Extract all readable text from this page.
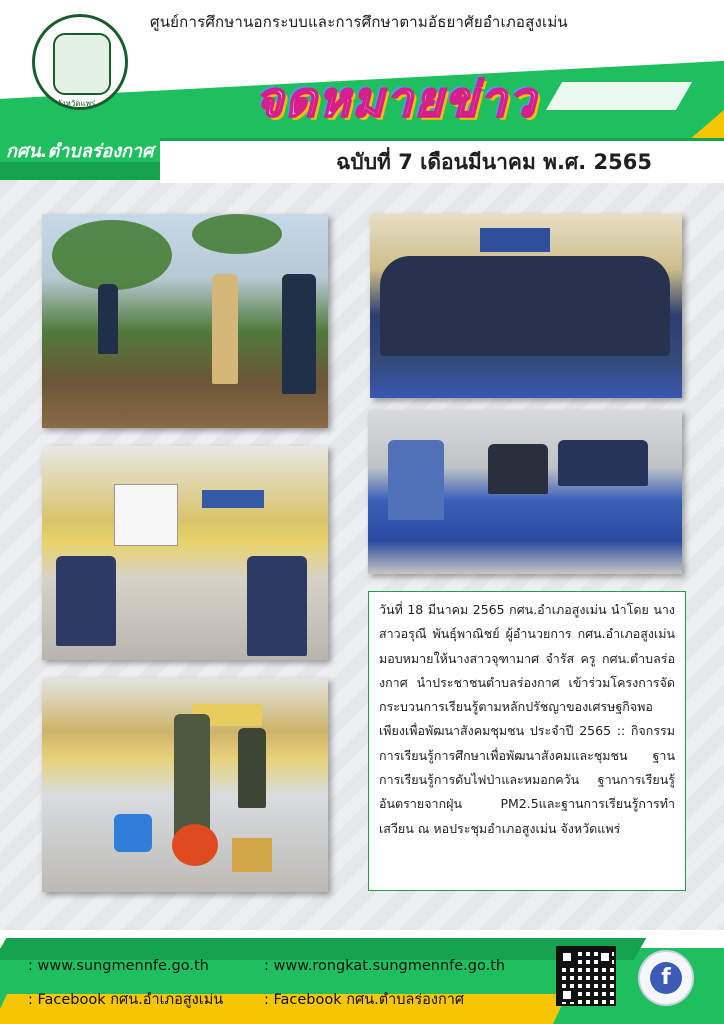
ศูนย์การศึกษานอกระบบและการศึกษาตามอัธยาศัยอำเภอสูงเม่น
จังหวัดแพร่	จดหมายข่าว
กศน.ตำบลร่องกาศ	ฉบับที่ 7 เดือนมีนาคม พ.ศ. 2565
วันที่ 18 มีนาคม 2565 กศน.อำเภอสูงเม่น นำโดย นางสาวอรุณี พันธุ์พาณิชย์ ผู้อำนวยการ กศน.อำเภอสูงเม่น มอบหมายให้นางสาวจุฑามาศ จำรัส ครู กศน.ตำบลร่องกาศ นำประชาชนตำบลร่องกาศ เข้าร่วมโครงการจัดกระบวนการเรียนรู้ตามหลักปรัชญาของเศรษฐกิจพอเพียงเพื่อพัฒนาสังคมชุมชน ประจำปี 2565 :: กิจกรรมการเรียนรู้การศึกษาเพื่อพัฒนาสังคมและชุมชน ฐานการเรียนรู้การดับไฟป่าและหมอกควัน ฐานการเรียนรู้อันตรายจากฝุ่น PM2.5และฐานการเรียนรู้การทำเสวียน ณ หอประชุมอำเภอสูงเม่น จังหวัดแพร่
: www.sungmennfe.go.th	: www.rongkat.sungmennfe.go.th
: Facebook กศน.อำเภอสูงเม่น	: Facebook กศน.ตำบลร่องกาศ
f
